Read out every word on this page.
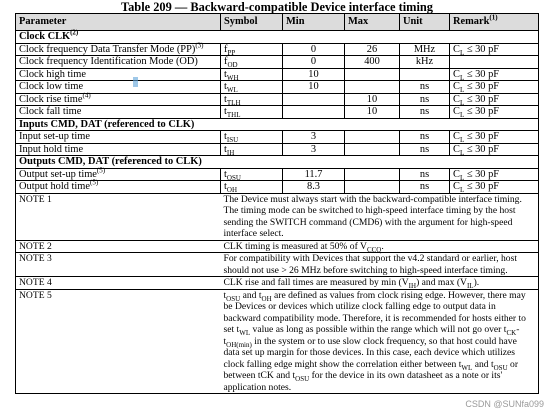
Table 209 — Backward-compatible Device interface timing
Parameter	Symbol	Min	Max	Unit	Remark$^{(1)}$
Clock CLK$^{(2)}$
Clock frequency Data Transfer Mode (PP)$^{(3)}$	$f_{PP}$	0	26	MHz	$C_L \le 30$ pF
Clock frequency Identification Mode (OD)	$f_{OD}$	0	400	kHz	
Clock high time	$t_{WH}$	10			$C_L \le 30$ pF
Clock low time	$t_{WL}$	10		ns	$C_L \le 30$ pF
Clock rise time$^{(4)}$	$t_{TLH}$		10	ns	$C_L \le 30$ pF
Clock fall time	$t_{THL}$		10	ns	$C_L \le 30$ pF
Inputs CMD, DAT (referenced to CLK)					
Input set-up time	$t_{ISU}$	3		ns	$C_L \le 30$ pF
Input hold time	$t_{IH}$	3		ns	$C_L \le 30$ pF
Outputs CMD, DAT (referenced to CLK)					
Output set-up time$^{(5)}$	$t_{OSU}$	11.7		ns	$C_L \le 30$ pF
Output hold time$^{(5)}$	$t_{OH}$	8.3		ns	$C_L \le 30$ pF
NOTE 1	The Device must always start with the backward-compatible interface timing. The timing mode can be switched to high-speed interface timing by the host sending the SWITCH command (CMD6) with the argument for high-speed interface select.				
NOTE 2	CLK timing is measured at 50% of $V_{CCQ}$.				
NOTE 3	For compatibility with Devices that support the v4.2 standard or earlier, host should not use > 26 MHz before switching to high-speed interface timing.				
NOTE 4	CLK rise and fall times are measured by $\min (V_{IH})$ and $\max (V_{IL})$.				
NOTE 5	$t_{OSU}$ and $t_{OH}$ are defined as values from clock rising edge. However, there may be Devices or devices which utilize clock falling edge to output data in backward compatibility mode. Therefore, it is recommended for hosts either to set $t_{WL}$ value as long as possible within the range which will not go over $t_{CK}-t_{OH(min)}$ in the system or to use slow clock frequency, so that host could have data set up margin for those devices. In this case, each device which utilizes clock falling edge might show the correlation either between $t_{WL}$ and $t_{OSU}$ or between tCK and $t_{OSU}$ for the device in its own datasheet as a note or its' application notes.				
CSDN @SUNfa099
